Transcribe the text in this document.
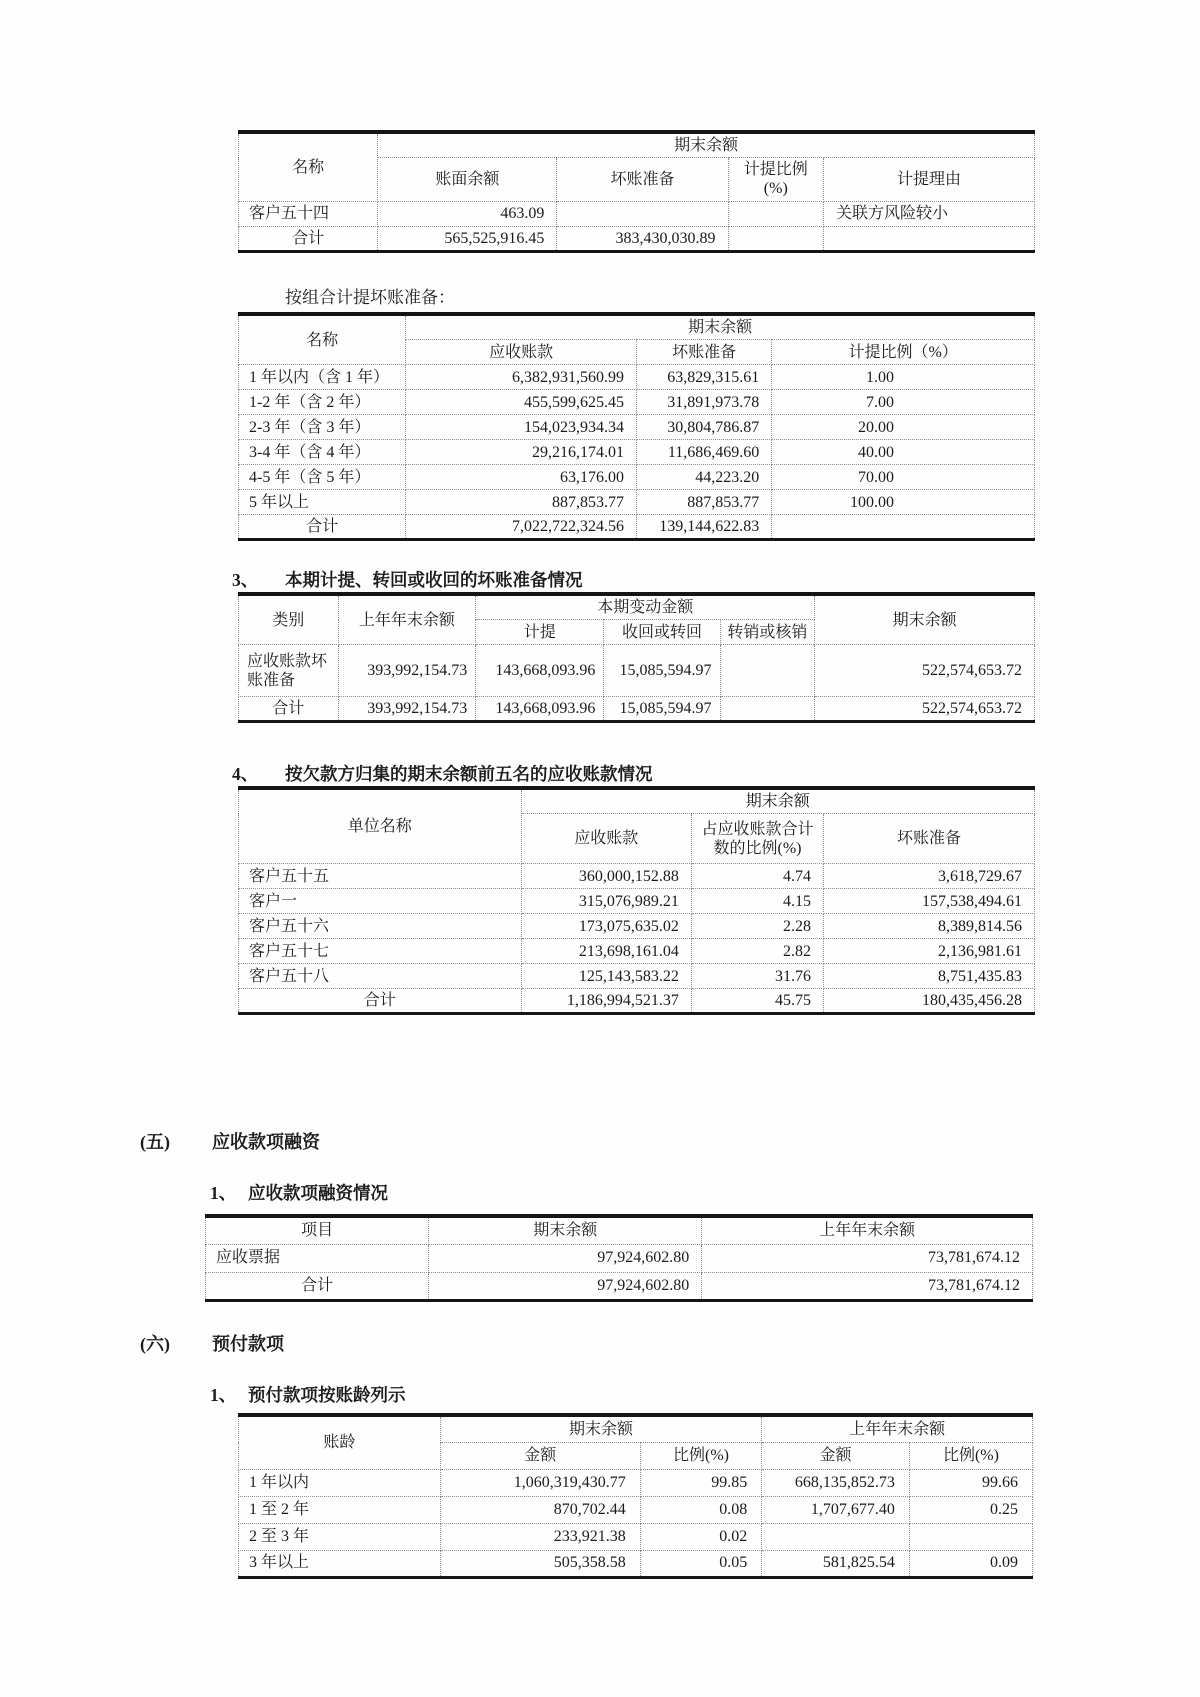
名称	期末余额			
	账面余额	坏账准备	计提比例(%)	计提理由
客户五十四	463.09			关联方风险较小
合计	565,525,916.45	383,430,030.89		
按组合计提坏账准备：
名称	期末余额		
	应收账款	坏账准备	计提比例（%）
1 年以内（含 1 年）	6,382,931,560.99	63,829,315.61	1.00
1-2 年（含 2 年）	455,599,625.45	31,891,973.78	7.00
2-3 年（含 3 年）	154,023,934.34	30,804,786.87	20.00
3-4 年（含 4 年）	29,216,174.01	11,686,469.60	40.00
4-5 年（含 5 年）	63,176.00	44,223.20	70.00
5 年以上	887,853.77	887,853.77	100.00
合计	7,022,722,324.56	139,144,622.83	
3、 本期计提、转回或收回的坏账准备情况
类别	上年年末余额	本期变动金额			期末余额
		计提	收回或转回	转销或核销	
应收账款坏账准备	393,992,154.73	143,668,093.96	15,085,594.97		522,574,653.72
合计	393,992,154.73	143,668,093.96	15,085,594.97		522,574,653.72
4、 按欠款方归集的期末余额前五名的应收账款情况
单位名称	期末余额		
	应收账款	占应收账款合计数的比例(%)	坏账准备
客户五十五	360,000,152.88	4.74	3,618,729.67
客户一	315,076,989.21	4.15	157,538,494.61
客户五十六	173,075,635.02	2.28	8,389,814.56
客户五十七	213,698,161.04	2.82	2,136,981.61
客户五十八	125,143,583.22	31.76	8,751,435.83
合计	1,186,994,521.37	45.75	180,435,456.28
(五) 应收款项融资
1、 应收款项融资情况
项目	期末余额	上年年末余额
应收票据	97,924,602.80	73,781,674.12
合计	97,924,602.80	73,781,674.12
(六) 预付款项
1、 预付款项按账龄列示
账龄	期末余额		上年年末余额	
	金额	比例(%)	金额	比例(%)
1 年以内	1,060,319,430.77	99.85	668,135,852.73	99.66
1 至 2 年	870,702.44	0.08	1,707,677.40	0.25
2 至 3 年	233,921.38	0.02		
3 年以上	505,358.58	0.05	581,825.54	0.09
